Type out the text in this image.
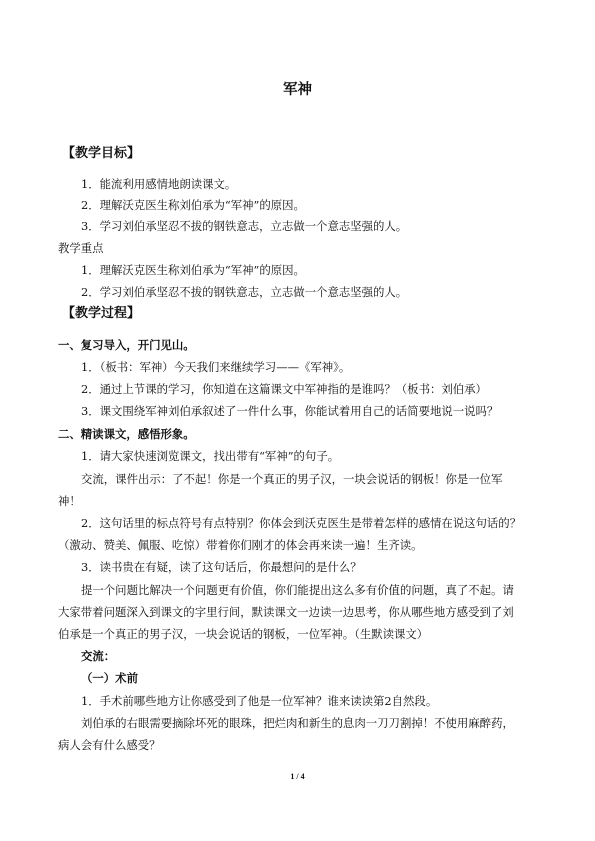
军神
【教学目标】
1．能流利用感情地朗读课文。
2．理解沃克医生称刘伯承为“军神”的原因。
3．学习刘伯承坚忍不拔的钢铁意志，立志做一个意志坚强的人。
教学重点
1．理解沃克医生称刘伯承为“军神”的原因。
2．学习刘伯承坚忍不拔的钢铁意志，立志做一个意志坚强的人。
【教学过程】
一、复习导入，开门见山。
1．（板书：军神）今天我们来继续学习——《军神》。
2．通过上节课的学习，你知道在这篇课文中军神指的是谁吗？（板书：刘伯承）
3．课文围绕军神刘伯承叙述了一件什么事，你能试着用自己的话简要地说一说吗？
二、精读课文，感悟形象。
1．请大家快速浏览课文，找出带有“军神”的句子。
交流，课件出示：了不起！你是一个真正的男子汉，一块会说话的钢板！你是一位军
神！
2．这句话里的标点符号有点特别？你体会到沃克医生是带着怎样的感情在说这句话的？
（激动、赞美、佩服、吃惊）带着你们刚才的体会再来读一遍！生齐读。
3．读书贵在有疑，读了这句话后，你最想问的是什么？
提一个问题比解决一个问题更有价值，你们能提出这么多有价值的问题，真了不起。请
大家带着问题深入到课文的字里行间，默读课文一边读一边思考，你从哪些地方感受到了刘
伯承是一个真正的男子汉，一块会说话的钢板，一位军神。（生默读课文）
交流：
（一）术前
1．手术前哪些地方让你感受到了他是一位军神？谁来读读第2自然段。
刘伯承的右眼需要摘除坏死的眼珠，把烂肉和新生的息肉一刀刀割掉！不使用麻醉药，
病人会有什么感受？
1 / 4
